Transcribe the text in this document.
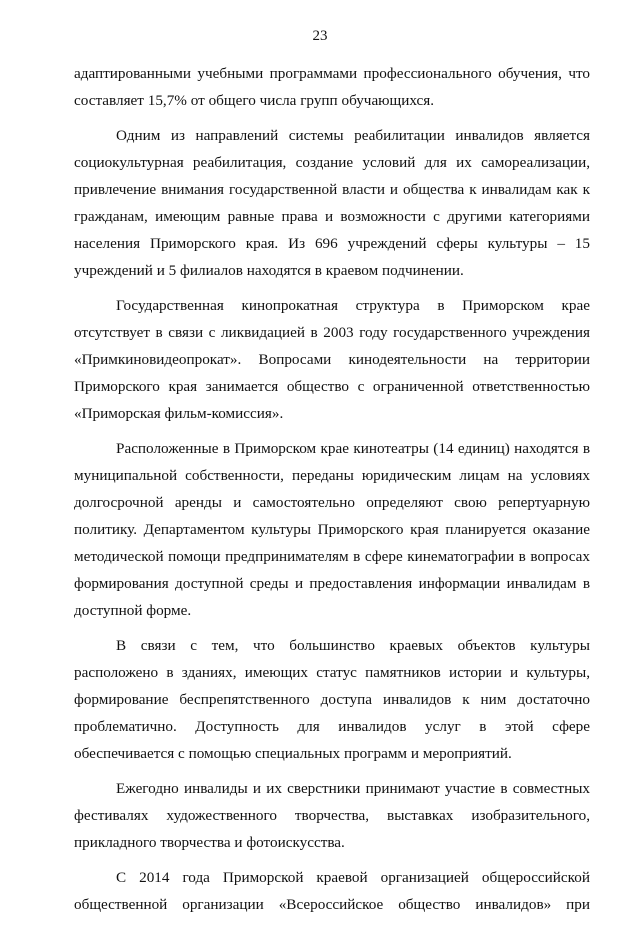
23

адаптированными учебными программами профессионального обучения, что составляет 15,7% от общего числа групп обучающихся.

Одним из направлений системы реабилитации инвалидов является социокультурная реабилитация, создание условий для их самореализации, привлечение внимания государственной власти и общества к инвалидам как к гражданам, имеющим равные права и возможности с другими категориями населения Приморского края. Из 696 учреждений сферы культуры – 15 учреждений и 5 филиалов находятся в краевом подчинении.

Государственная кинопрокатная структура в Приморском крае отсутствует в связи с ликвидацией в 2003 году государственного учреждения «Примкиновидеопрокат». Вопросами кинодеятельности на территории Приморского края занимается общество с ограниченной ответственностью «Приморская фильм-комиссия».

Расположенные в Приморском крае кинотеатры (14 единиц) находятся в муниципальной собственности, переданы юридическим лицам на условиях долгосрочной аренды и самостоятельно определяют свою репертуарную политику. Департаментом культуры Приморского края планируется оказание методической помощи предпринимателям в сфере кинематографии в вопросах формирования доступной среды и предоставления информации инвалидам в доступной форме.

В связи с тем, что большинство краевых объектов культуры расположено в зданиях, имеющих статус памятников истории и культуры, формирование беспрепятственного доступа инвалидов к ним достаточно проблематично. Доступность для инвалидов услуг в этой сфере обеспечивается с помощью специальных программ и мероприятий.

Ежегодно инвалиды и их сверстники принимают участие в совместных фестивалях художественного творчества, выставках изобразительного, прикладного творчества и фотоискусства.

С 2014 года Приморской краевой организацией общероссийской общественной организации «Всероссийское общество инвалидов» при
